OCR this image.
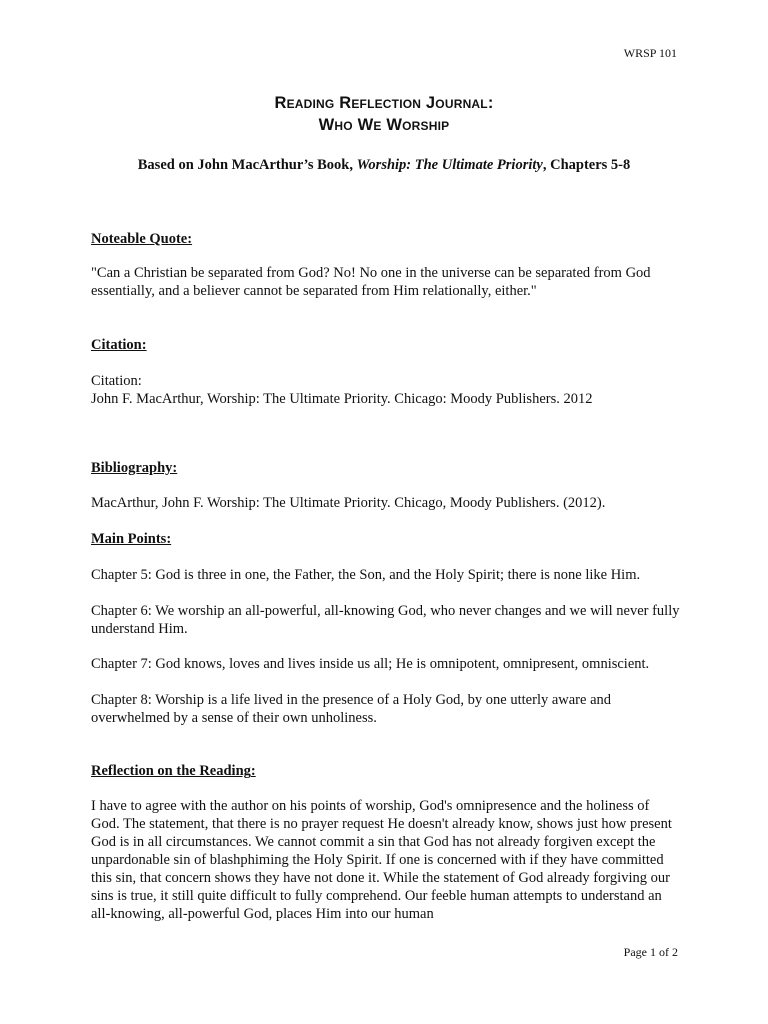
WRSP 101
Reading Reflection Journal:
Who We Worship
Based on John MacArthur’s Book, Worship: The Ultimate Priority, Chapters 5-8
Noteable Quote:
"Can a Christian be separated from God? No! No one in the universe can be separated from God essentially, and a believer cannot be separated from Him relationally, either."
Citation:
Citation:
John F. MacArthur, Worship: The Ultimate Priority. Chicago: Moody Publishers. 2012
Bibliography:
MacArthur, John F. Worship: The Ultimate Priority. Chicago, Moody Publishers. (2012).
Main Points:
Chapter 5: God is three in one, the Father, the Son, and the Holy Spirit; there is none like Him.
Chapter 6: We worship an all-powerful, all-knowing God, who never changes and we will never fully understand Him.
Chapter 7: God knows, loves and lives inside us all; He is omnipotent, omnipresent, omniscient.
Chapter 8: Worship is a life lived in the presence of a Holy God, by one utterly aware and overwhelmed by a sense of their own unholiness.
Reflection on the Reading:
I have to agree with the author on his points of worship, God's omnipresence and the holiness of God. The statement, that there is no prayer request He doesn't already know, shows just how present God is in all circumstances. We cannot commit a sin that God has not already forgiven except the unpardonable sin of blashphiming the Holy Spirit. If one is concerned with if they have committed this sin, that concern shows they have not done it. While the statement of God already forgiving our sins is true, it still quite difficult to fully comprehend. Our feeble human attempts to understand an all-knowing, all-powerful God, places Him into our human
Page 1 of 2
